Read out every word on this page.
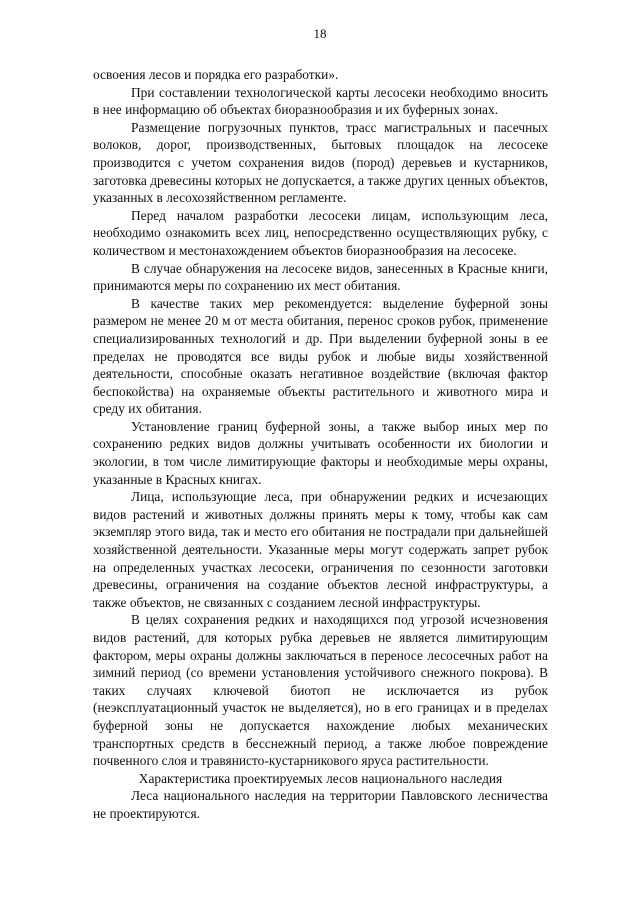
18

освоения лесов и порядка его разработки».

При составлении технологической карты лесосеки необходимо вносить в нее информацию об объектах биоразнообразия и их буферных зонах.

Размещение погрузочных пунктов, трасс магистральных и пасечных волоков, дорог, производственных, бытовых площадок на лесосеке производится с учетом сохранения видов (пород) деревьев и кустарников, заготовка древесины которых не допускается, а также других ценных объектов, указанных в лесохозяйственном регламенте.

Перед началом разработки лесосеки лицам, использующим леса, необходимо ознакомить всех лиц, непосредственно осуществляющих рубку, с количеством и местонахождением объектов биоразнообразия на лесосеке.

В случае обнаружения на лесосеке видов, занесенных в Красные книги, принимаются меры по сохранению их мест обитания.

В качестве таких мер рекомендуется: выделение буферной зоны размером не менее 20 м от места обитания, перенос сроков рубок, применение специализированных технологий и др. При выделении буферной зоны в ее пределах не проводятся все виды рубок и любые виды хозяйственной деятельности, способные оказать негативное воздействие (включая фактор беспокойства) на охраняемые объекты растительного и животного мира и среду их обитания.

Установление границ буферной зоны, а также выбор иных мер по сохранению редких видов должны учитывать особенности их биологии и экологии, в том числе лимитирующие факторы и необходимые меры охраны, указанные в Красных книгах.

Лица, использующие леса, при обнаружении редких и исчезающих видов растений и животных должны принять меры к тому, чтобы как сам экземпляр этого вида, так и место его обитания не пострадали при дальнейшей хозяйственной деятельности. Указанные меры могут содержать запрет рубок на определенных участках лесосеки, ограничения по сезонности заготовки древесины, ограничения на создание объектов лесной инфраструктуры, а также объектов, не связанных с созданием лесной инфраструктуры.

В целях сохранения редких и находящихся под угрозой исчезновения видов растений, для которых рубка деревьев не является лимитирующим фактором, меры охраны должны заключаться в переносе лесосечных работ на зимний период (со времени установления устойчивого снежного покрова). В таких случаях ключевой биотоп не исключается из рубок (неэксплуатационный участок не выделяется), но в его границах и в пределах буферной зоны не допускается нахождение любых механических транспортных средств в бесснежный период, а также любое повреждение почвенного слоя и травянисто-кустарникового яруса растительности.

Характеристика проектируемых лесов национального наследия

Леса национального наследия на территории Павловского лесничества не проектируются.
